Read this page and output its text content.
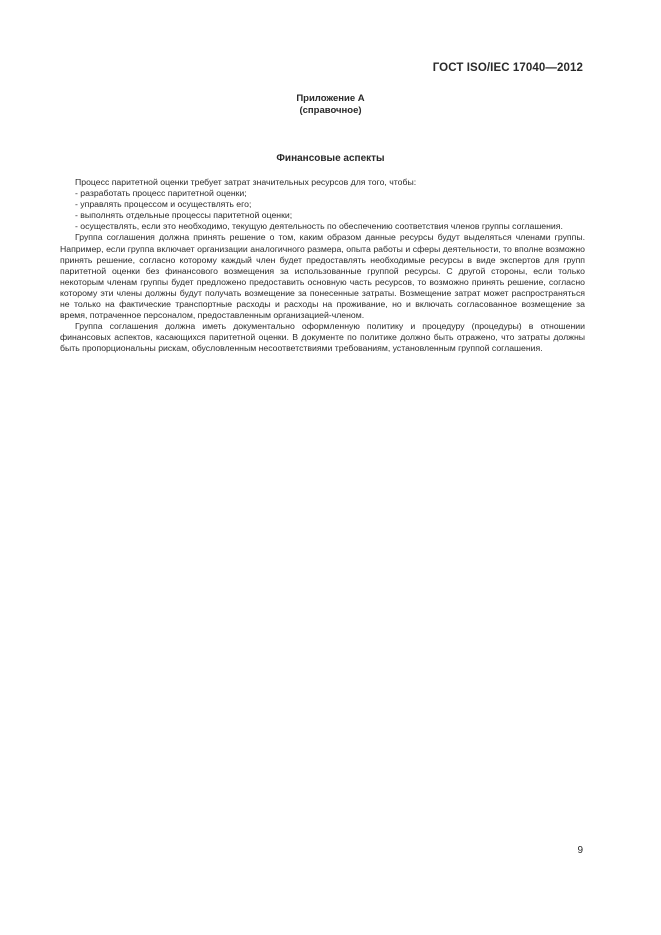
ГОСТ ISO/IEC 17040—2012
Приложение А
(справочное)
Финансовые аспекты

Процесс паритетной оценки требует затрат значительных ресурсов для того, чтобы:

- разработать процесс паритетной оценки;

- управлять процессом и осуществлять его;

- выполнять отдельные процессы паритетной оценки;

- осуществлять, если это необходимо, текущую деятельность по обеспечению соответствия членов группы соглашения.

Группа соглашения должна принять решение о том, каким образом данные ресурсы будут выделяться членами группы. Например, если группа включает организации аналогичного размера, опыта работы и сферы деятельности, то вполне возможно принять решение, согласно которому каждый член будет предоставлять необходимые ресурсы в виде экспертов для групп паритетной оценки без финансового возмещения за использованные группой ресурсы. С другой стороны, если только некоторым членам группы будет предложено предоставить основную часть ресурсов, то возможно принять решение, согласно которому эти члены должны будут получать возмещение за понесенные затраты. Возмещение затрат может распространяться не только на фактические транспортные расходы и расходы на проживание, но и включать согласованное возмещение за время, потраченное персоналом, предоставленным организацией-членом.

Группа соглашения должна иметь документально оформленную политику и процедуру (процедуры) в отношении финансовых аспектов, касающихся паритетной оценки. В документе по политике должно быть отражено, что затраты должны быть пропорциональны рискам, обусловленным несоответствиями требованиям, установленным группой соглашения.

9
